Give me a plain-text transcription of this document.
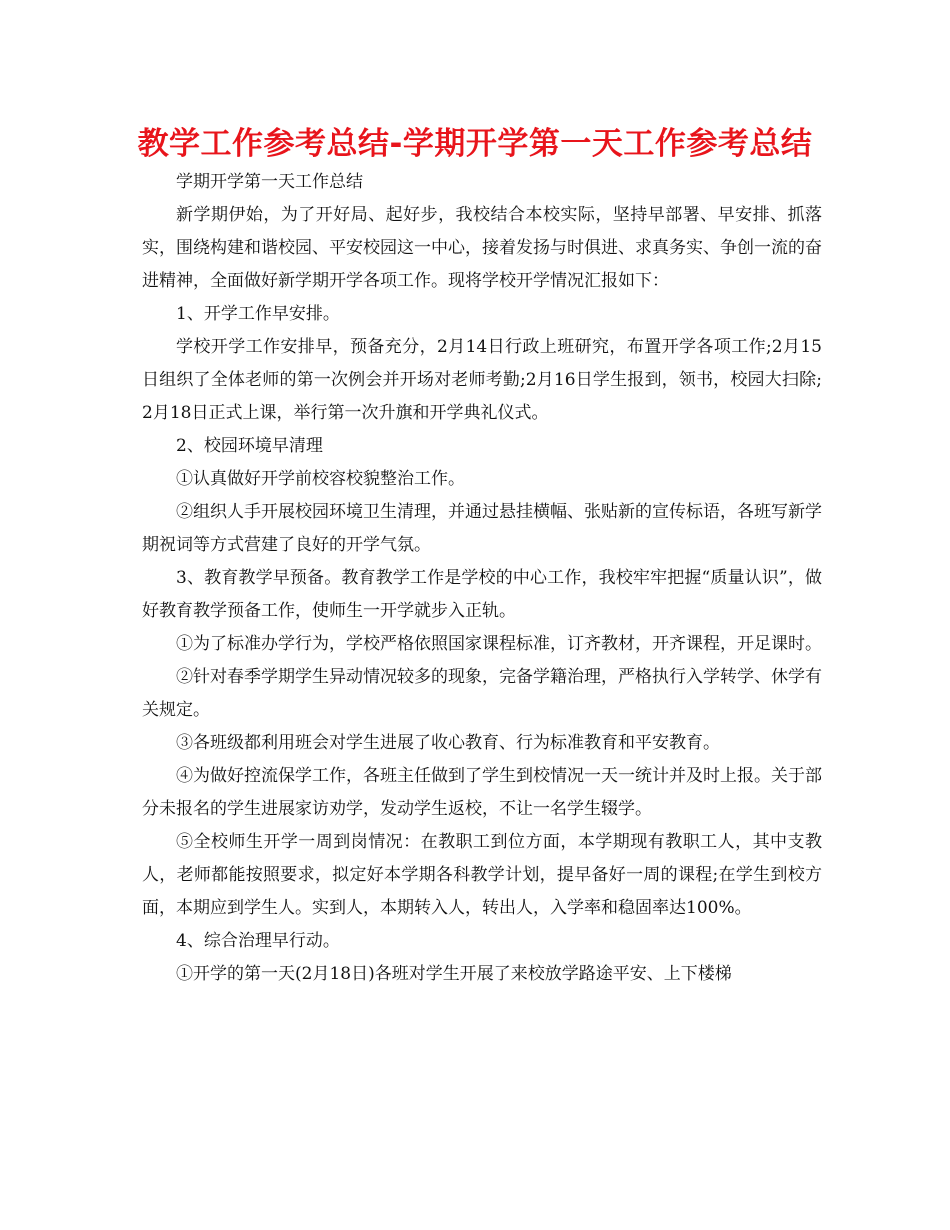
教学工作参考总结-学期开学第一天工作参考总结

学期开学第一天工作总结

新学期伊始，为了开好局、起好步，我校结合本校实际，坚持早部署、早安排、抓落实，围绕构建和谐校园、平安校园这一中心，接着发扬与时俱进、求真务实、争创一流的奋进精神，全面做好新学期开学各项工作。现将学校开学情况汇报如下：

1、开学工作早安排。

学校开学工作安排早，预备充分，2月14日行政上班研究，布置开学各项工作;2月15日组织了全体老师的第一次例会并开场对老师考勤;2月16日学生报到，领书，校园大扫除;2月18日正式上课，举行第一次升旗和开学典礼仪式。

2、校园环境早清理

①认真做好开学前校容校貌整治工作。

②组织人手开展校园环境卫生清理，并通过悬挂横幅、张贴新的宣传标语，各班写新学期祝词等方式营建了良好的开学气氛。

3、教育教学早预备。教育教学工作是学校的中心工作，我校牢牢把握“质量认识”，做好教育教学预备工作，使师生一开学就步入正轨。

①为了标准办学行为，学校严格依照国家课程标准，订齐教材，开齐课程，开足课时。

②针对春季学期学生异动情况较多的现象，完备学籍治理，严格执行入学转学、休学有关规定。

③各班级都利用班会对学生进展了收心教育、行为标准教育和平安教育。

④为做好控流保学工作，各班主任做到了学生到校情况一天一统计并及时上报。关于部分未报名的学生进展家访劝学，发动学生返校，不让一名学生辍学。

⑤全校师生开学一周到岗情况：在教职工到位方面，本学期现有教职工人，其中支教人，老师都能按照要求，拟定好本学期各科教学计划，提早备好一周的课程;在学生到校方面，本期应到学生人。实到人，本期转入人，转出人，入学率和稳固率达100%。

4、综合治理早行动。

①开学的第一天(2月18日)各班对学生开展了来校放学路途平安、上下楼梯
